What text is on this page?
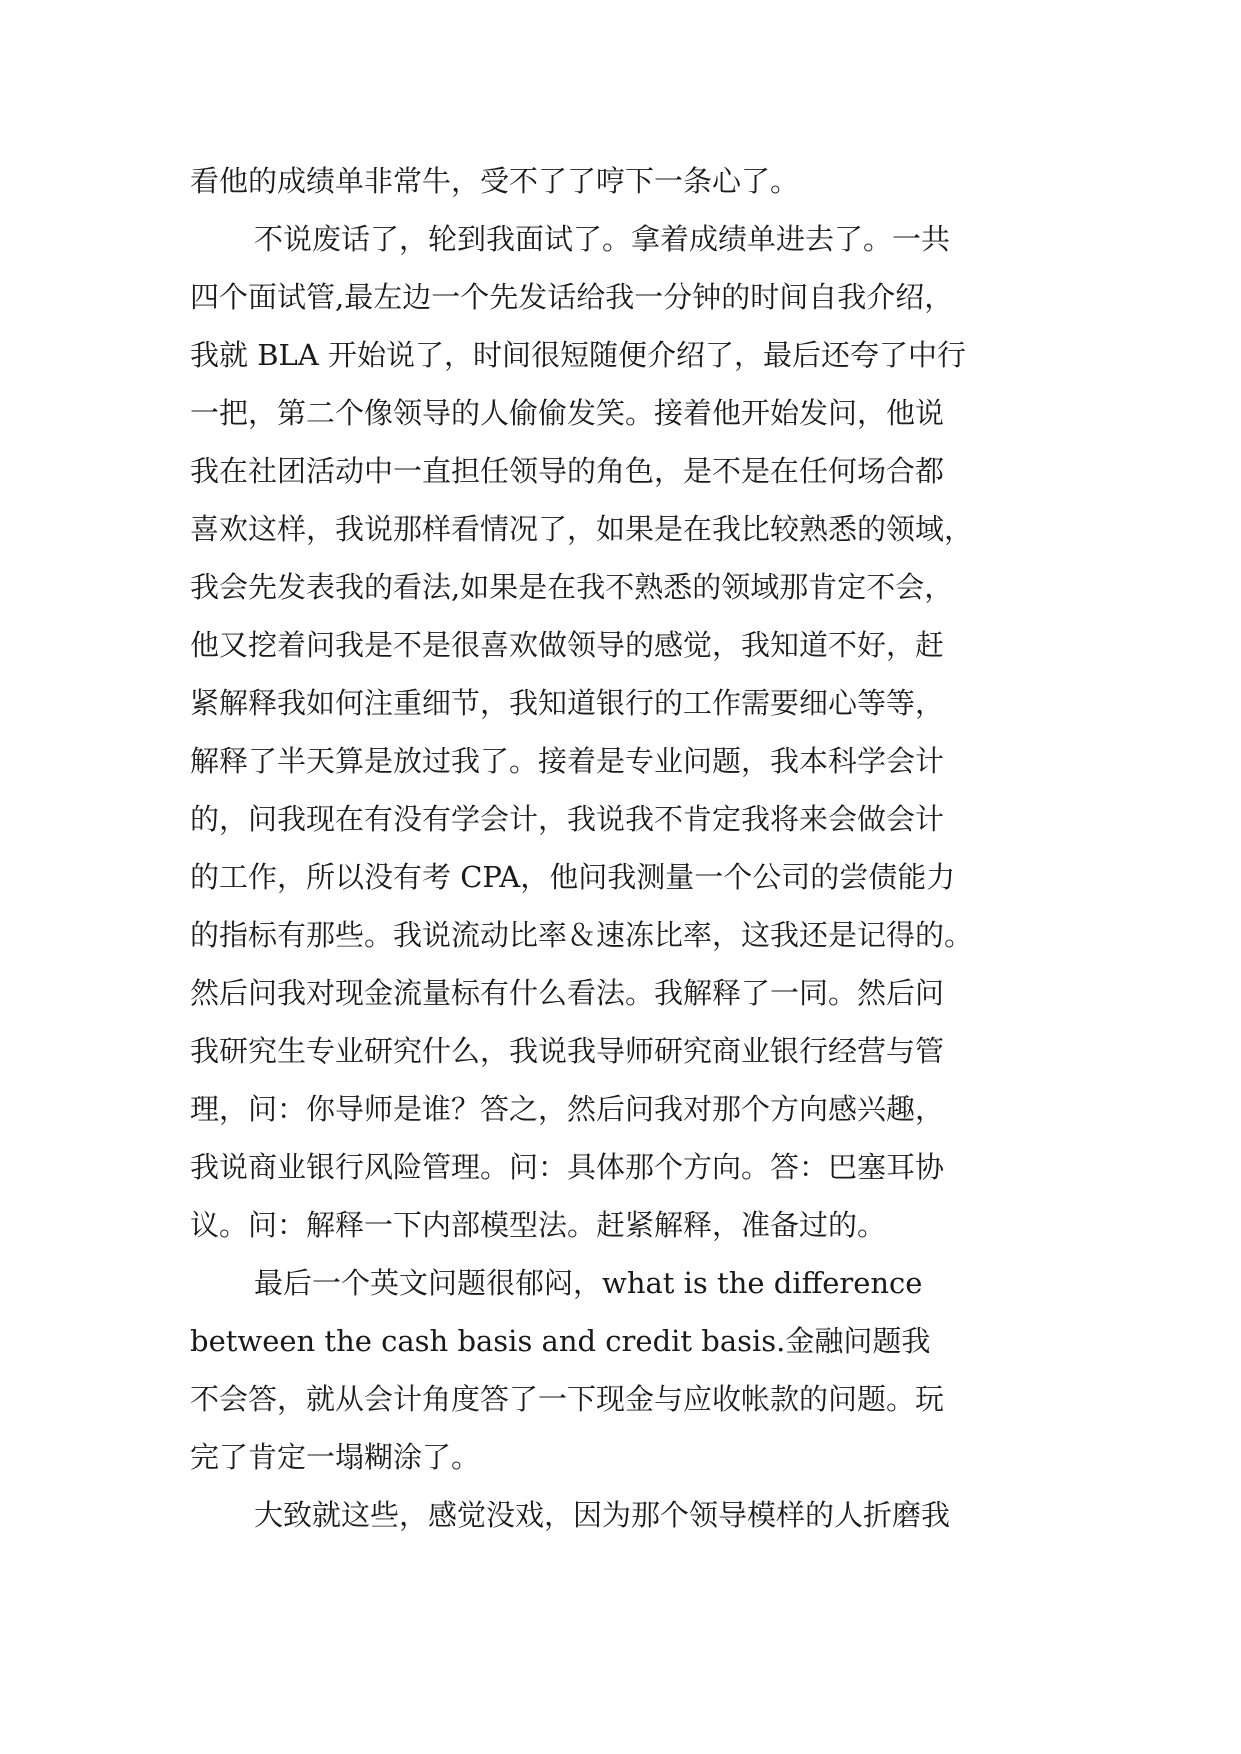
看他的成绩单非常牛，受不了了哼下一条心了。
不说废话了，轮到我面试了。拿着成绩单进去了。一共
四个面试管,最左边一个先发话给我一分钟的时间自我介绍，
我就 BLA 开始说了，时间很短随便介绍了，最后还夸了中行
一把，第二个像领导的人偷偷发笑。接着他开始发问，他说
我在社团活动中一直担任领导的角色，是不是在任何场合都
喜欢这样，我说那样看情况了，如果是在我比较熟悉的领域，
我会先发表我的看法,如果是在我不熟悉的领域那肯定不会，
他又挖着问我是不是很喜欢做领导的感觉，我知道不好，赶
紧解释我如何注重细节，我知道银行的工作需要细心等等，
解释了半天算是放过我了。接着是专业问题，我本科学会计
的，问我现在有没有学会计，我说我不肯定我将来会做会计
的工作，所以没有考 CPA，他问我测量一个公司的尝债能力
的指标有那些。我说流动比率＆速冻比率，这我还是记得的。
然后问我对现金流量标有什么看法。我解释了一同。然后问
我研究生专业研究什么，我说我导师研究商业银行经营与管
理，问：你导师是谁？答之，然后问我对那个方向感兴趣，
我说商业银行风险管理。问：具体那个方向。答：巴塞耳协
议。问：解释一下内部模型法。赶紧解释，准备过的。
最后一个英文问题很郁闷，what is the difference
between the cash basis and credit basis.金融问题我
不会答，就从会计角度答了一下现金与应收帐款的问题。玩
完了肯定一塌糊涂了。
大致就这些，感觉没戏，因为那个领导模样的人折磨我
